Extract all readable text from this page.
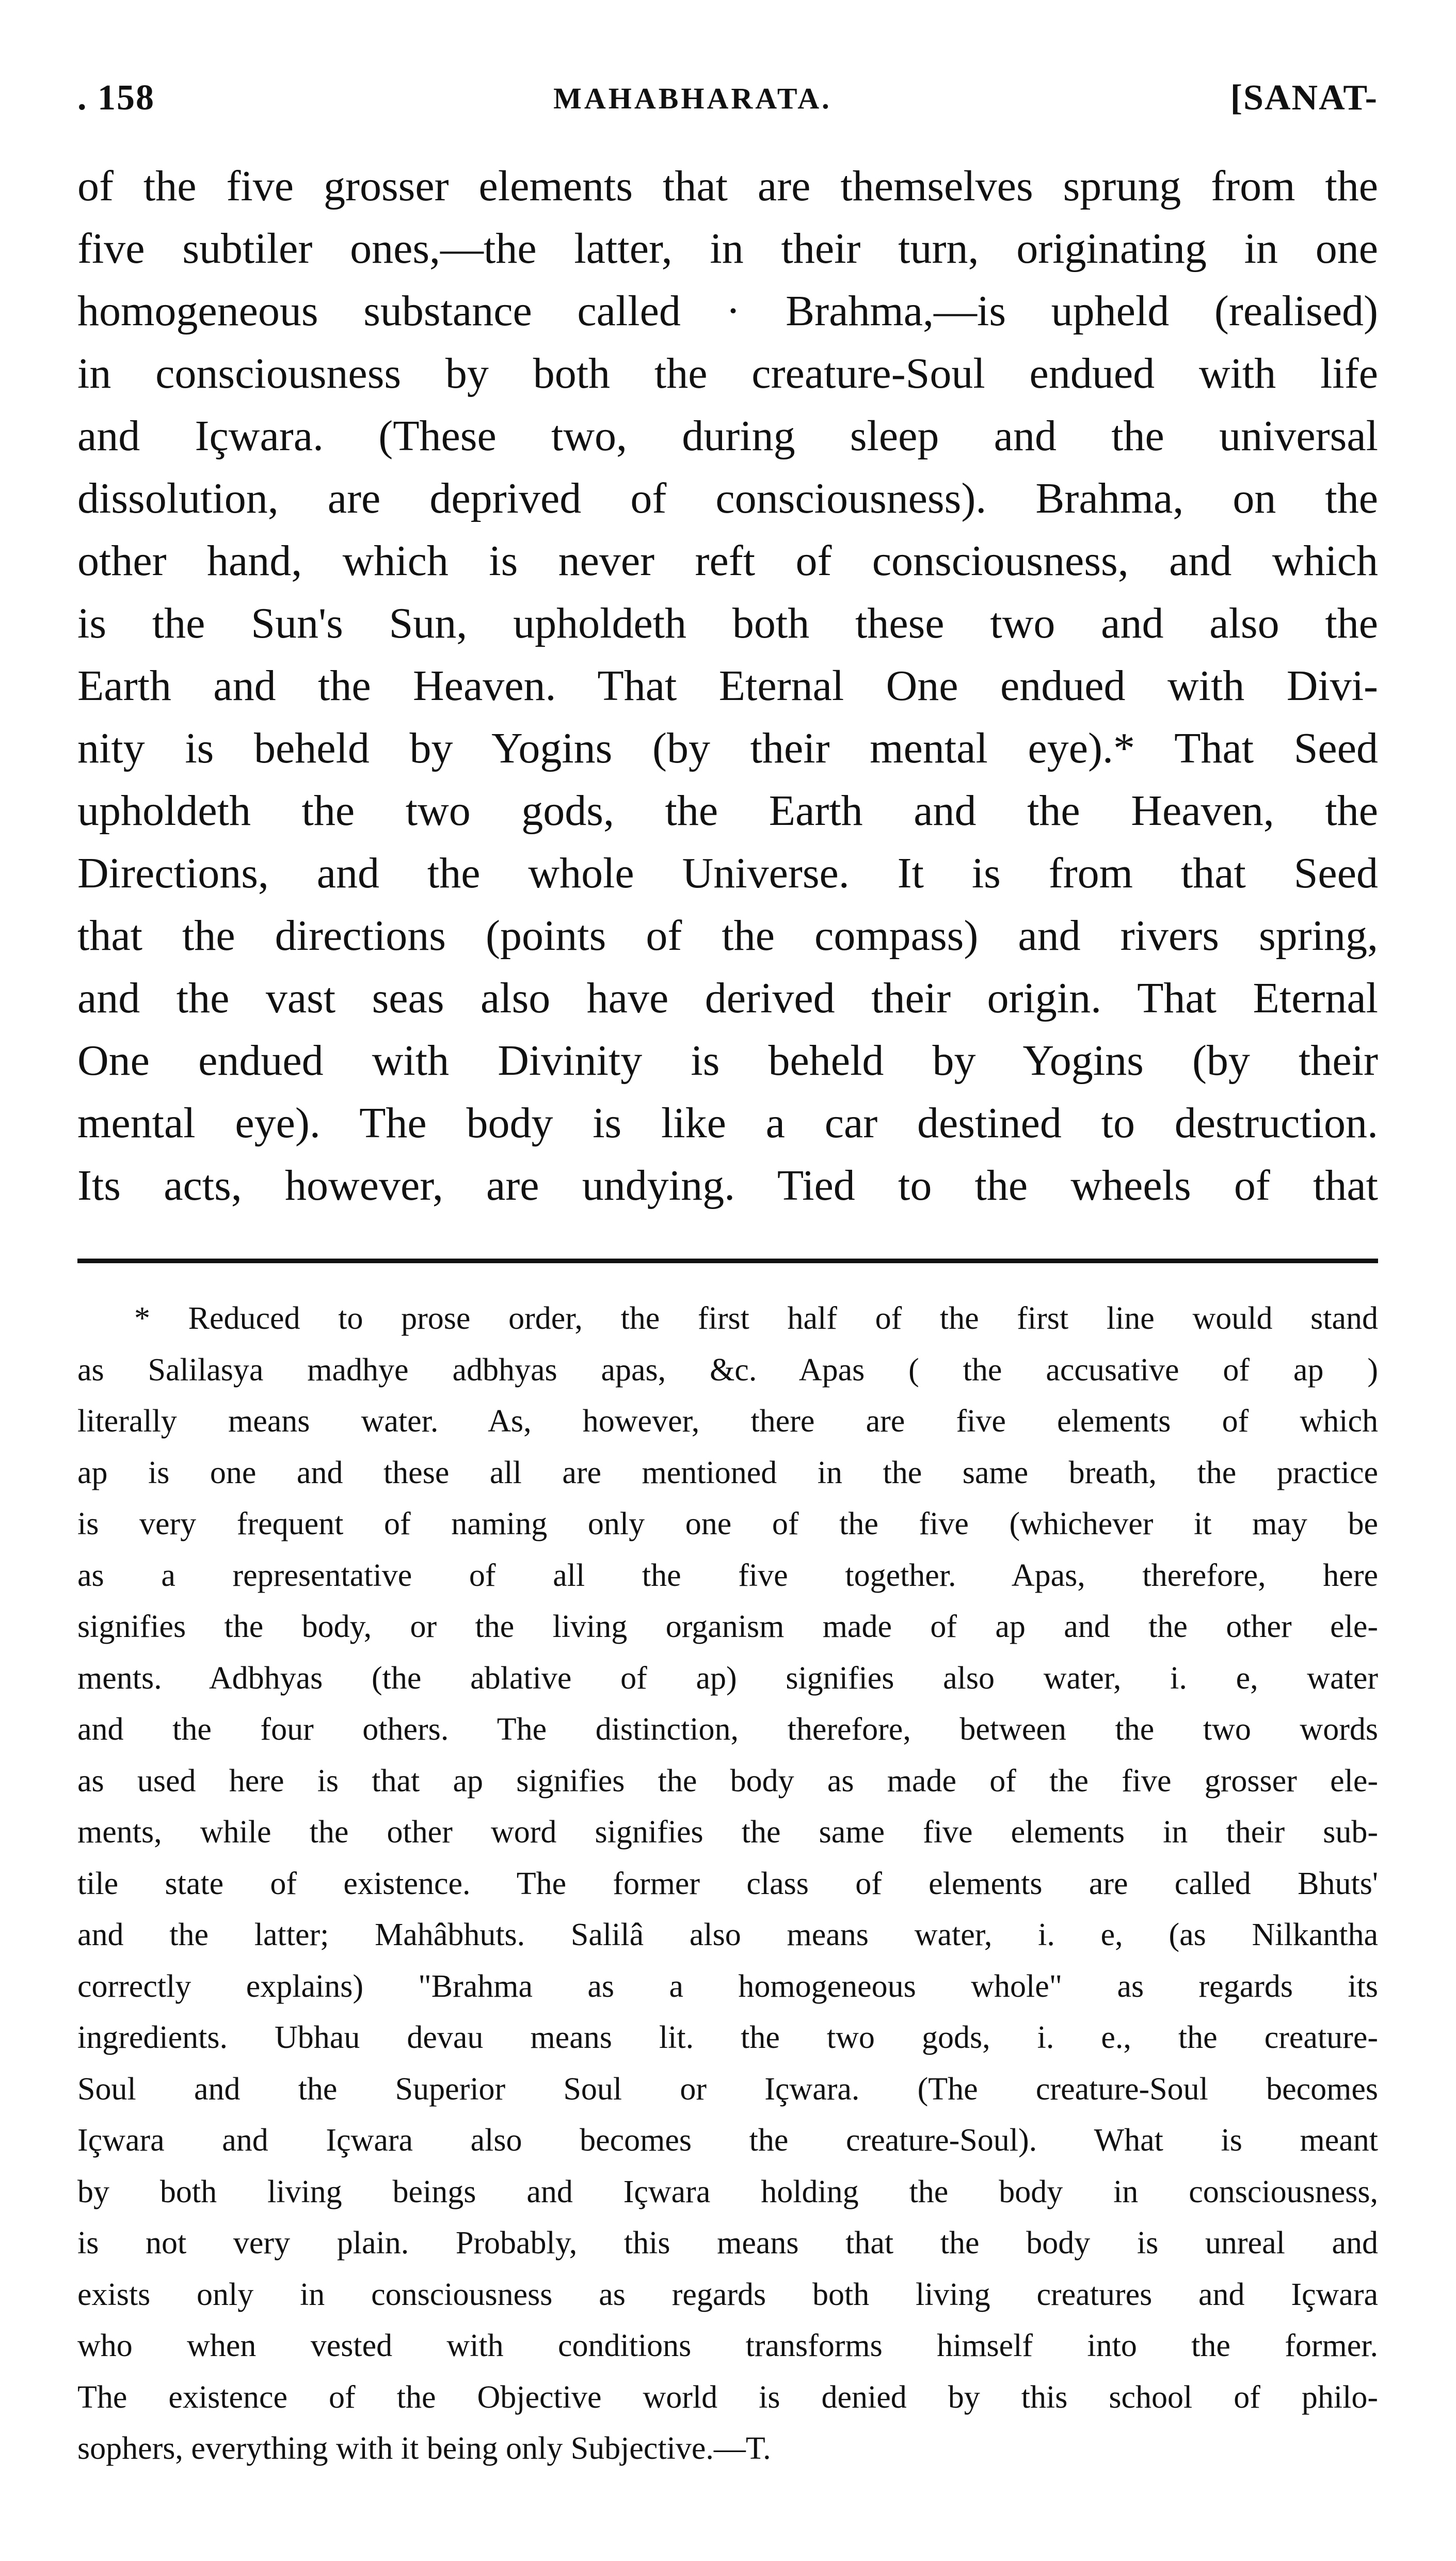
. 158	MAHABHARATA.	[SANAT-
of the five grosser elements that are themselves sprung from the
five subtiler ones,—the latter, in their turn, originating in one
homogeneous substance called · Brahma,—is upheld (realised)
in consciousness by both the creature-Soul endued with life
and Içwara. (These two, during sleep and the universal
dissolution, are deprived of consciousness). Brahma, on the
other hand, which is never reft of consciousness, and which
is the Sun's Sun, upholdeth both these two and also the
Earth and the Heaven. That Eternal One endued with Divi-
nity is beheld by Yogins (by their mental eye).* That Seed
upholdeth the two gods, the Earth and the Heaven, the
Directions, and the whole Universe. It is from that Seed
that the directions (points of the compass) and rivers spring,
and the vast seas also have derived their origin. That Eternal
One endued with Divinity is beheld by Yogins (by their
mental eye). The body is like a car destined to destruction.
Its acts, however, are undying. Tied to the wheels of that
* Reduced to prose order, the first half of the first line would stand
as Salilasya madhye adbhyas apas, &c. Apas ( the accusative of ap )
literally means water. As, however, there are five elements of which
ap is one and these all are mentioned in the same breath, the practice
is very frequent of naming only one of the five (whichever it may be
as a representative of all the five together. Apas, therefore, here
signifies the body, or the living organism made of ap and the other ele-
ments. Adbhyas (the ablative of ap) signifies also water, i. e, water
and the four others. The distinction, therefore, between the two words
as used here is that ap signifies the body as made of the five grosser ele-
ments, while the other word signifies the same five elements in their sub-
tile state of existence. The former class of elements are called Bhuts'
and the latter; Mahâbhuts. Salilâ also means water, i. e, (as Nilkantha
correctly explains) "Brahma as a homogeneous whole" as regards its
ingredients. Ubhau devau means lit. the two gods, i. e., the creature-
Soul and the Superior Soul or Içwara. (The creature-Soul becomes
Içwara and Içwara also becomes the creature-Soul). What is meant
by both living beings and Içwara holding the body in consciousness,
is not very plain. Probably, this means that the body is unreal and
exists only in consciousness as regards both living creatures and Içwara
who when vested with conditions transforms himself into the former.
The existence of the Objective world is denied by this school of philo-
sophers, everything with it being only Subjective.—T.
